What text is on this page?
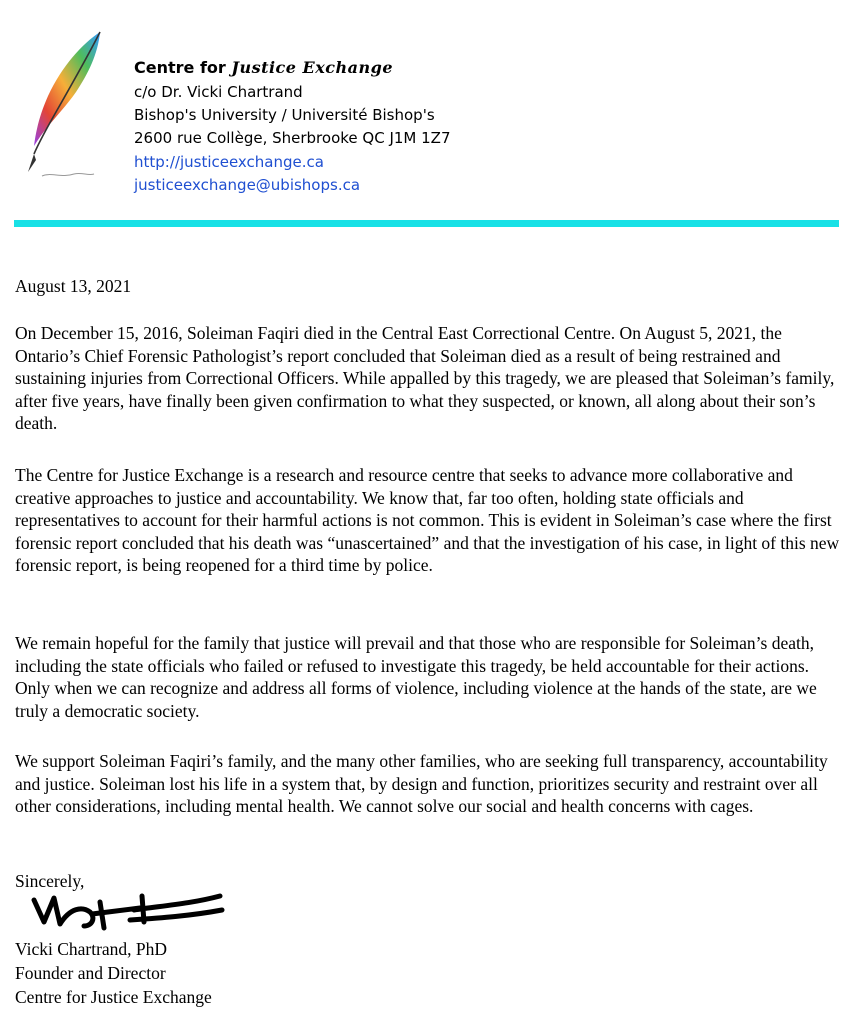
Centre for Justice Exchange
c/o Dr. Vicki Chartrand
Bishop's University / Université Bishop's
2600 rue Collège, Sherbrooke QC J1M 1Z7
http://justiceexchange.ca
justiceexchange@ubishops.ca
August 13, 2021
On December 15, 2016, Soleiman Faqiri died in the Central East Correctional Centre. On August 5, 2021, the Ontario’s Chief Forensic Pathologist’s report concluded that Soleiman died as a result of being restrained and sustaining injuries from Correctional Officers. While appalled by this tragedy, we are pleased that Soleiman’s family, after five years, have finally been given confirmation to what they suspected, or known, all along about their son’s death.
The Centre for Justice Exchange is a research and resource centre that seeks to advance more collaborative and creative approaches to justice and accountability. We know that, far too often, holding state officials and representatives to account for their harmful actions is not common. This is evident in Soleiman’s case where the first forensic report concluded that his death was “unascertained” and that the investigation of his case, in light of this new forensic report, is being reopened for a third time by police.
We remain hopeful for the family that justice will prevail and that those who are responsible for Soleiman’s death, including the state officials who failed or refused to investigate this tragedy, be held accountable for their actions. Only when we can recognize and address all forms of violence, including violence at the hands of the state, are we truly a democratic society.
We support Soleiman Faqiri’s family, and the many other families, who are seeking full transparency, accountability and justice. Soleiman lost his life in a system that, by design and function, prioritizes security and restraint over all other considerations, including mental health. We cannot solve our social and health concerns with cages.
Sincerely,
Vicki Chartrand, PhD
Founder and Director
Centre for Justice Exchange
